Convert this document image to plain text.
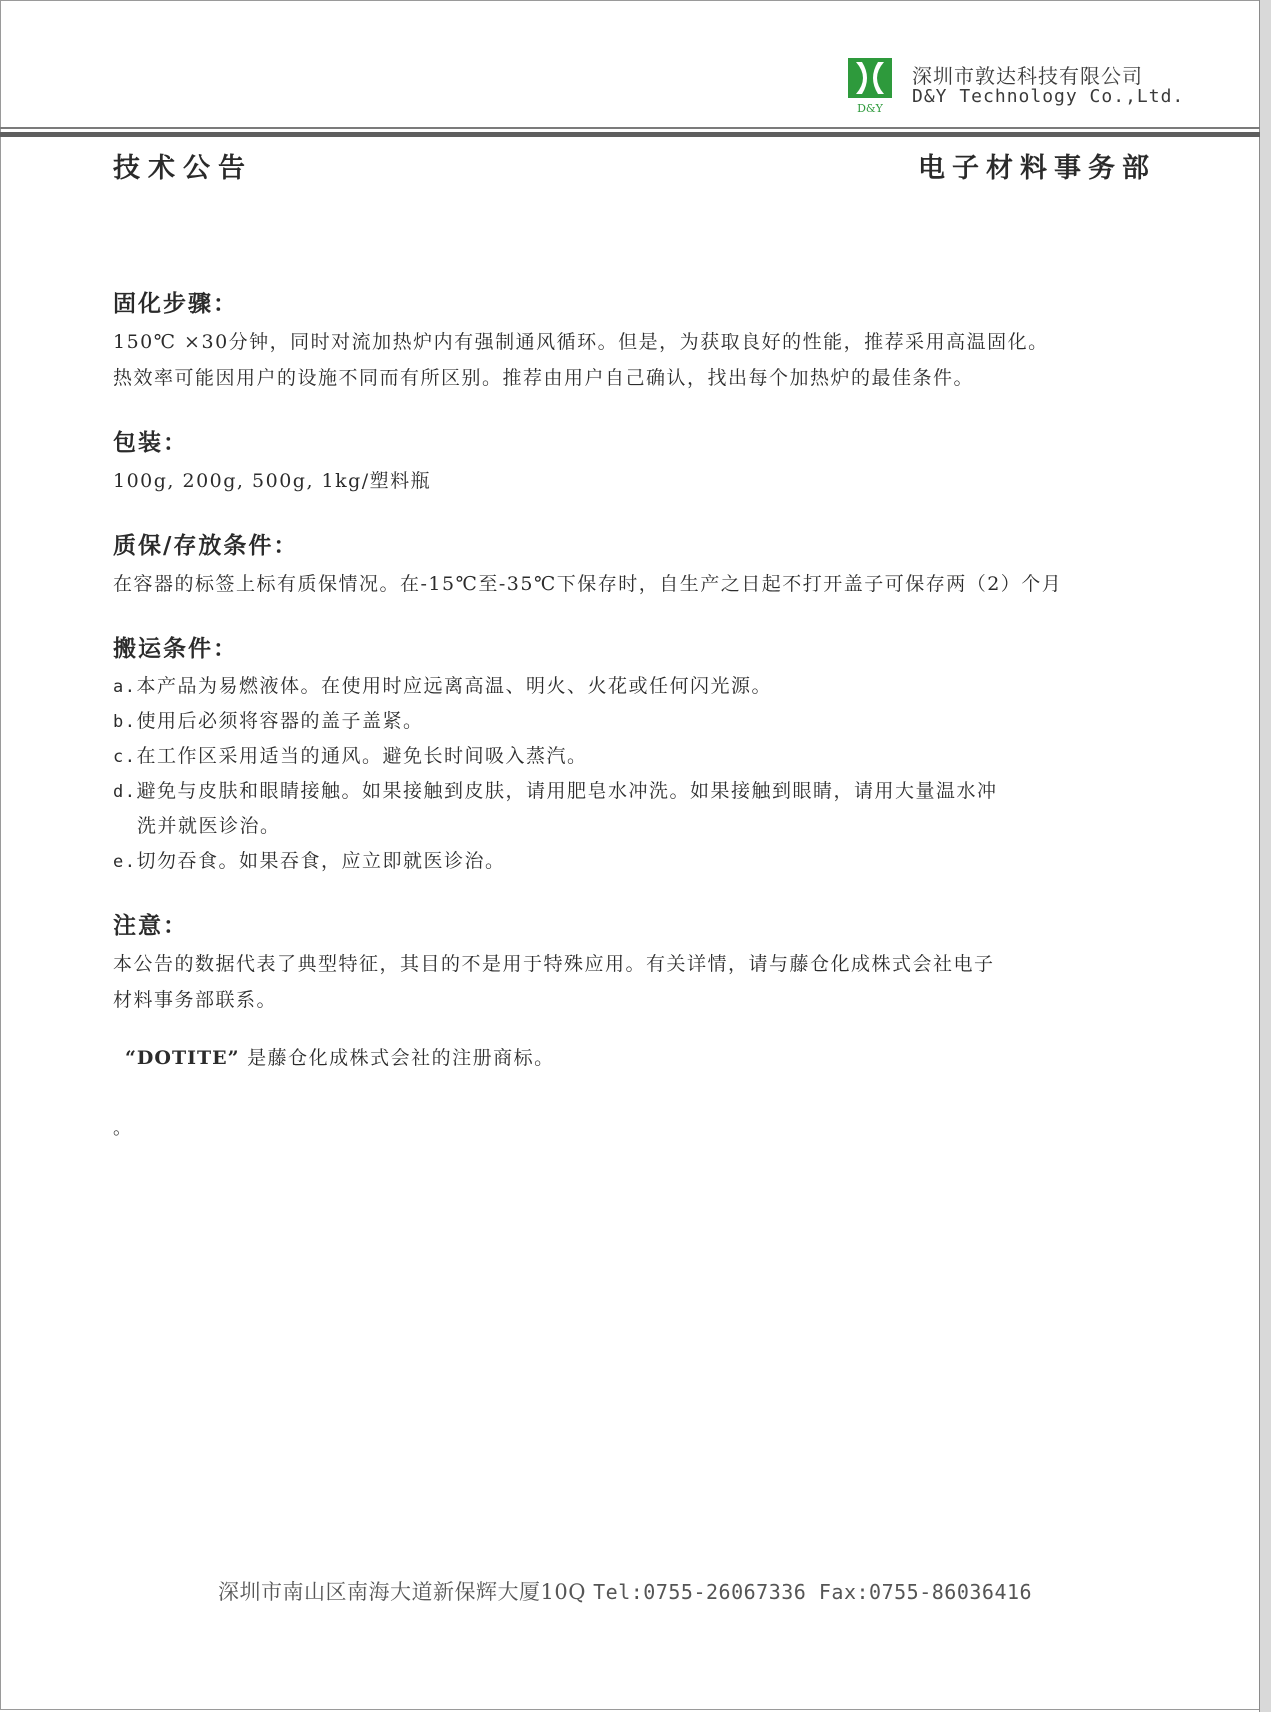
D&Y
深圳市敦达科技有限公司
D&Y Technology Co.,Ltd.
技术公告	电子材料事务部
固化步骤：

150℃ ×30分钟，同时对流加热炉内有强制通风循环。但是，为获取良好的性能，推荐采用高温固化。

热效率可能因用户的设施不同而有所区别。推荐由用户自己确认，找出每个加热炉的最佳条件。

包装：

100g, 200g, 500g, 1kg/塑料瓶

质保/存放条件：

在容器的标签上标有质保情况。在-15℃至-35℃下保存时，自生产之日起不打开盖子可保存两（2）个月

搬运条件：
a.本产品为易燃液体。在使用时应远离高温、明火、火花或任何闪光源。
b.使用后必须将容器的盖子盖紧。
c.在工作区采用适当的通风。避免长时间吸入蒸汽。
d.避免与皮肤和眼睛接触。如果接触到皮肤，请用肥皂水冲洗。如果接触到眼睛，请用大量温水冲
洗并就医诊治。
e.切勿吞食。如果吞食，应立即就医诊治。
注意：

本公告的数据代表了典型特征，其目的不是用于特殊应用。有关详情，请与藤仓化成株式会社电子

材料事务部联系。

“DOTITE” 是藤仓化成株式会社的注册商标。
。
深圳市南山区南海大道新保辉大厦10Q Tel:0755-26067336 Fax:0755-86036416
